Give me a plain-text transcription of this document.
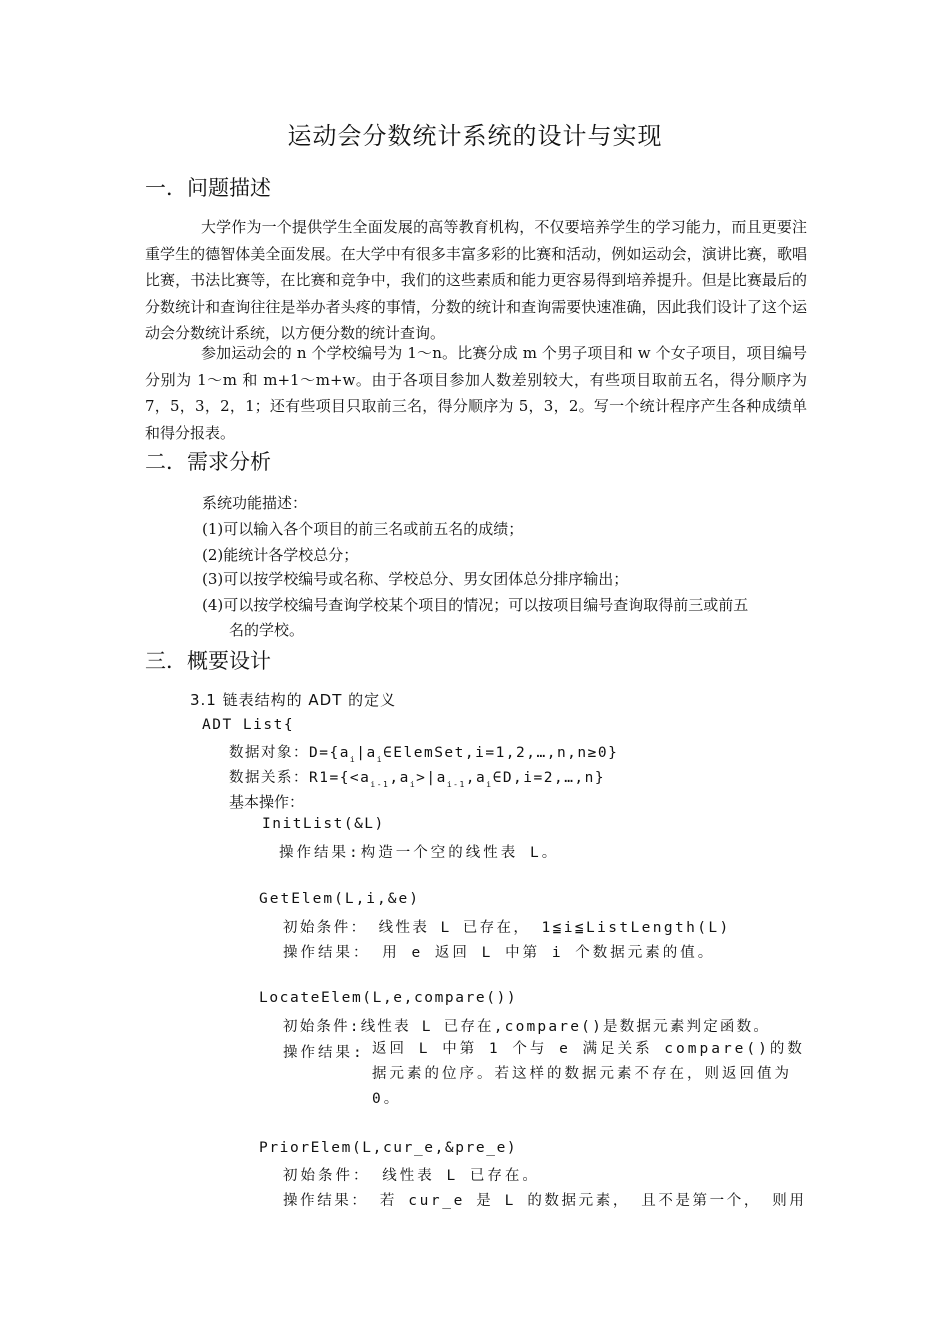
运动会分数统计系统的设计与实现
一．问题描述

大学作为一个提供学生全面发展的高等教育机构，不仅要培养学生的学习能力，而且更要注重学生的德智体美全面发展。在大学中有很多丰富多彩的比赛和活动，例如运动会，演讲比赛，歌唱比赛，书法比赛等，在比赛和竞争中，我们的这些素质和能力更容易得到培养提升。但是比赛最后的分数统计和查询往往是举办者头疼的事情，分数的统计和查询需要快速准确，因此我们设计了这个运动会分数统计系统，以方便分数的统计查询。

参加运动会的 n 个学校编号为 1～n。比赛分成 m 个男子项目和 w 个女子项目，项目编号分别为 1～m 和 m+1～m+w。由于各项目参加人数差别较大，有些项目取前五名，得分顺序为 7，5，3，2，1；还有些项目只取前三名，得分顺序为 5，3，2。写一个统计程序产生各种成绩单和得分报表。

二．需求分析
系统功能描述：
(1)可以输入各个项目的前三名或前五名的成绩；
(2)能统计各学校总分；
(3)可以按学校编号或名称、学校总分、男女团体总分排序输出；
(4)可以按学校编号查询学校某个项目的情况；可以按项目编号查询取得前三或前五
名的学校。
三．概要设计
3.1 链表结构的 ADT 的定义
ADT List{
数据对象：$D=\{a_i|a_i\in ElemSet,i=1,2,\dots,n,n\ge 0\}$
数据关系：$R1=\{<a_{i-1},a_i>|a_{i-1},a_i\in D,i=2,\dots,n\}$
基本操作：
InitList(&L)
操作结果:构造一个空的线性表 L。
GetElem(L,i,&e)
初始条件： 线性表 L 已存在， 1≦i≦ListLength(L)
操作结果： 用 e 返回 L 中第 i 个数据元素的值。
LocateElem(L,e,compare())
初始条件:线性表 L 已存在,compare()是数据元素判定函数。
操作结果: 返回 L 中第 1 个与 e 满足关系 compare()的数据元素的位序。若这样的数据元素不存在，则返回值为0。
PriorElem(L,cur_e,&pre_e)
初始条件： 线性表 L 已存在。
操作结果： 若 cur_e 是 L 的数据元素， 且不是第一个， 则用
